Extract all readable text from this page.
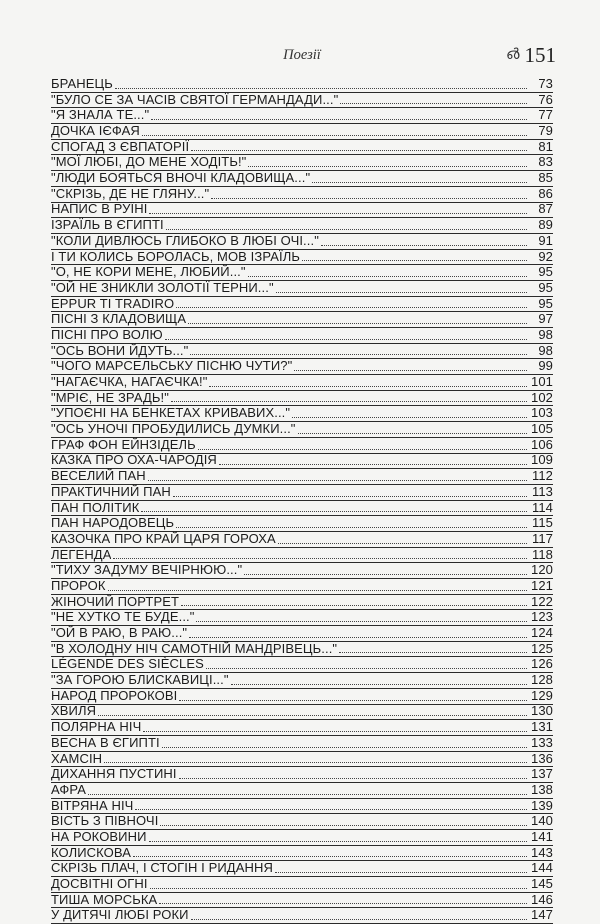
Поезії	൴ 151
БРАНЕЦЬ	73
"БУЛО СЕ ЗА ЧАСІВ СВЯТОЇ ГЕРМАНДАДИ..."	76
"Я ЗНАЛА ТЕ..."	77
ДОЧКА ІЄФАЯ	79
СПОГАД З ЄВПАТОРІЇ	81
"МОЇ ЛЮБІ, ДО МЕНЕ ХОДІТЬ!"	83
"ЛЮДИ БОЯТЬСЯ ВНОЧІ КЛАДОВИЩА..."	85
"СКРІЗЬ, ДЕ НЕ ГЛЯНУ..."	86
НАПИС В РУЇНІ	87
ІЗРАЇЛЬ В ЄГИПТІ	89
"КОЛИ ДИВЛЮСЬ ГЛИБОКО В ЛЮБІ ОЧІ..."	91
І ТИ КОЛИСЬ БОРОЛАСЬ, МОВ ІЗРАЇЛЬ	92
"О, НЕ КОРИ МЕНЕ, ЛЮБИЙ..."	95
"ОЙ НЕ ЗНИКЛИ ЗОЛОТІЇ ТЕРНИ..."	95
EPPUR TI TRADIRO	95
ПІСНІ З КЛАДОВИЩА	97
ПІСНІ ПРО ВОЛЮ	98
"ОСЬ ВОНИ ЙДУТЬ..."	98
"ЧОГО МАРСЕЛЬСЬКУ ПІСНЮ ЧУТИ?"	99
"НАГАЄЧКА, НАГАЄЧКА!"	101
"МРІЄ, НЕ ЗРАДЬ!"	102
"УПОЄНІ НА БЕНКЕТАХ КРИВАВИХ..."	103
"ОСЬ УНОЧІ ПРОБУДИЛИСЬ ДУМКИ..."	105
ГРАФ ФОН ЕЙНЗІДЕЛЬ	106
КАЗКА ПРО ОХА-ЧАРОДІЯ	109
ВЕСЕЛИЙ ПАН	112
ПРАКТИЧНИЙ ПАН	113
ПАН ПОЛІТИК	114
ПАН НАРОДОВЕЦЬ	115
КАЗОЧКА ПРО КРАЙ ЦАРЯ ГОРОХА	117
ЛЕГЕНДА	118
"ТИХУ ЗАДУМУ ВЕЧІРНЮЮ..."	120
ПРОРОК	121
ЖІНОЧИЙ ПОРТРЕТ	122
"НЕ ХУТКО ТЕ БУДЕ..."	123
"ОЙ В РАЮ, В РАЮ..."	124
"В ХОЛОДНУ НІЧ САМОТНІЙ МАНДРІВЕЦЬ..."	125
LÉGENDE DES SIÈCLES	126
"ЗА ГОРОЮ БЛИСКАВИЦІ..."	128
НАРОД ПРОРОКОВІ	129
ХВИЛЯ	130
ПОЛЯРНА НІЧ	131
ВЕСНА В ЄГИПТІ	133
ХАМСІН	136
ДИХАННЯ ПУСТИНІ	137
АФРА	138
ВІТРЯНА НІЧ	139
ВІСТЬ З ПІВНОЧІ	140
НА РОКОВИНИ	141
КОЛИСКОВА	143
СКРІЗЬ ПЛАЧ, І СТОГІН І РИДАННЯ	144
ДОСВІТНІ ОГНІ	145
ТИША МОРСЬКА	146
У ДИТЯЧІ ЛЮБІ РОКИ	147
